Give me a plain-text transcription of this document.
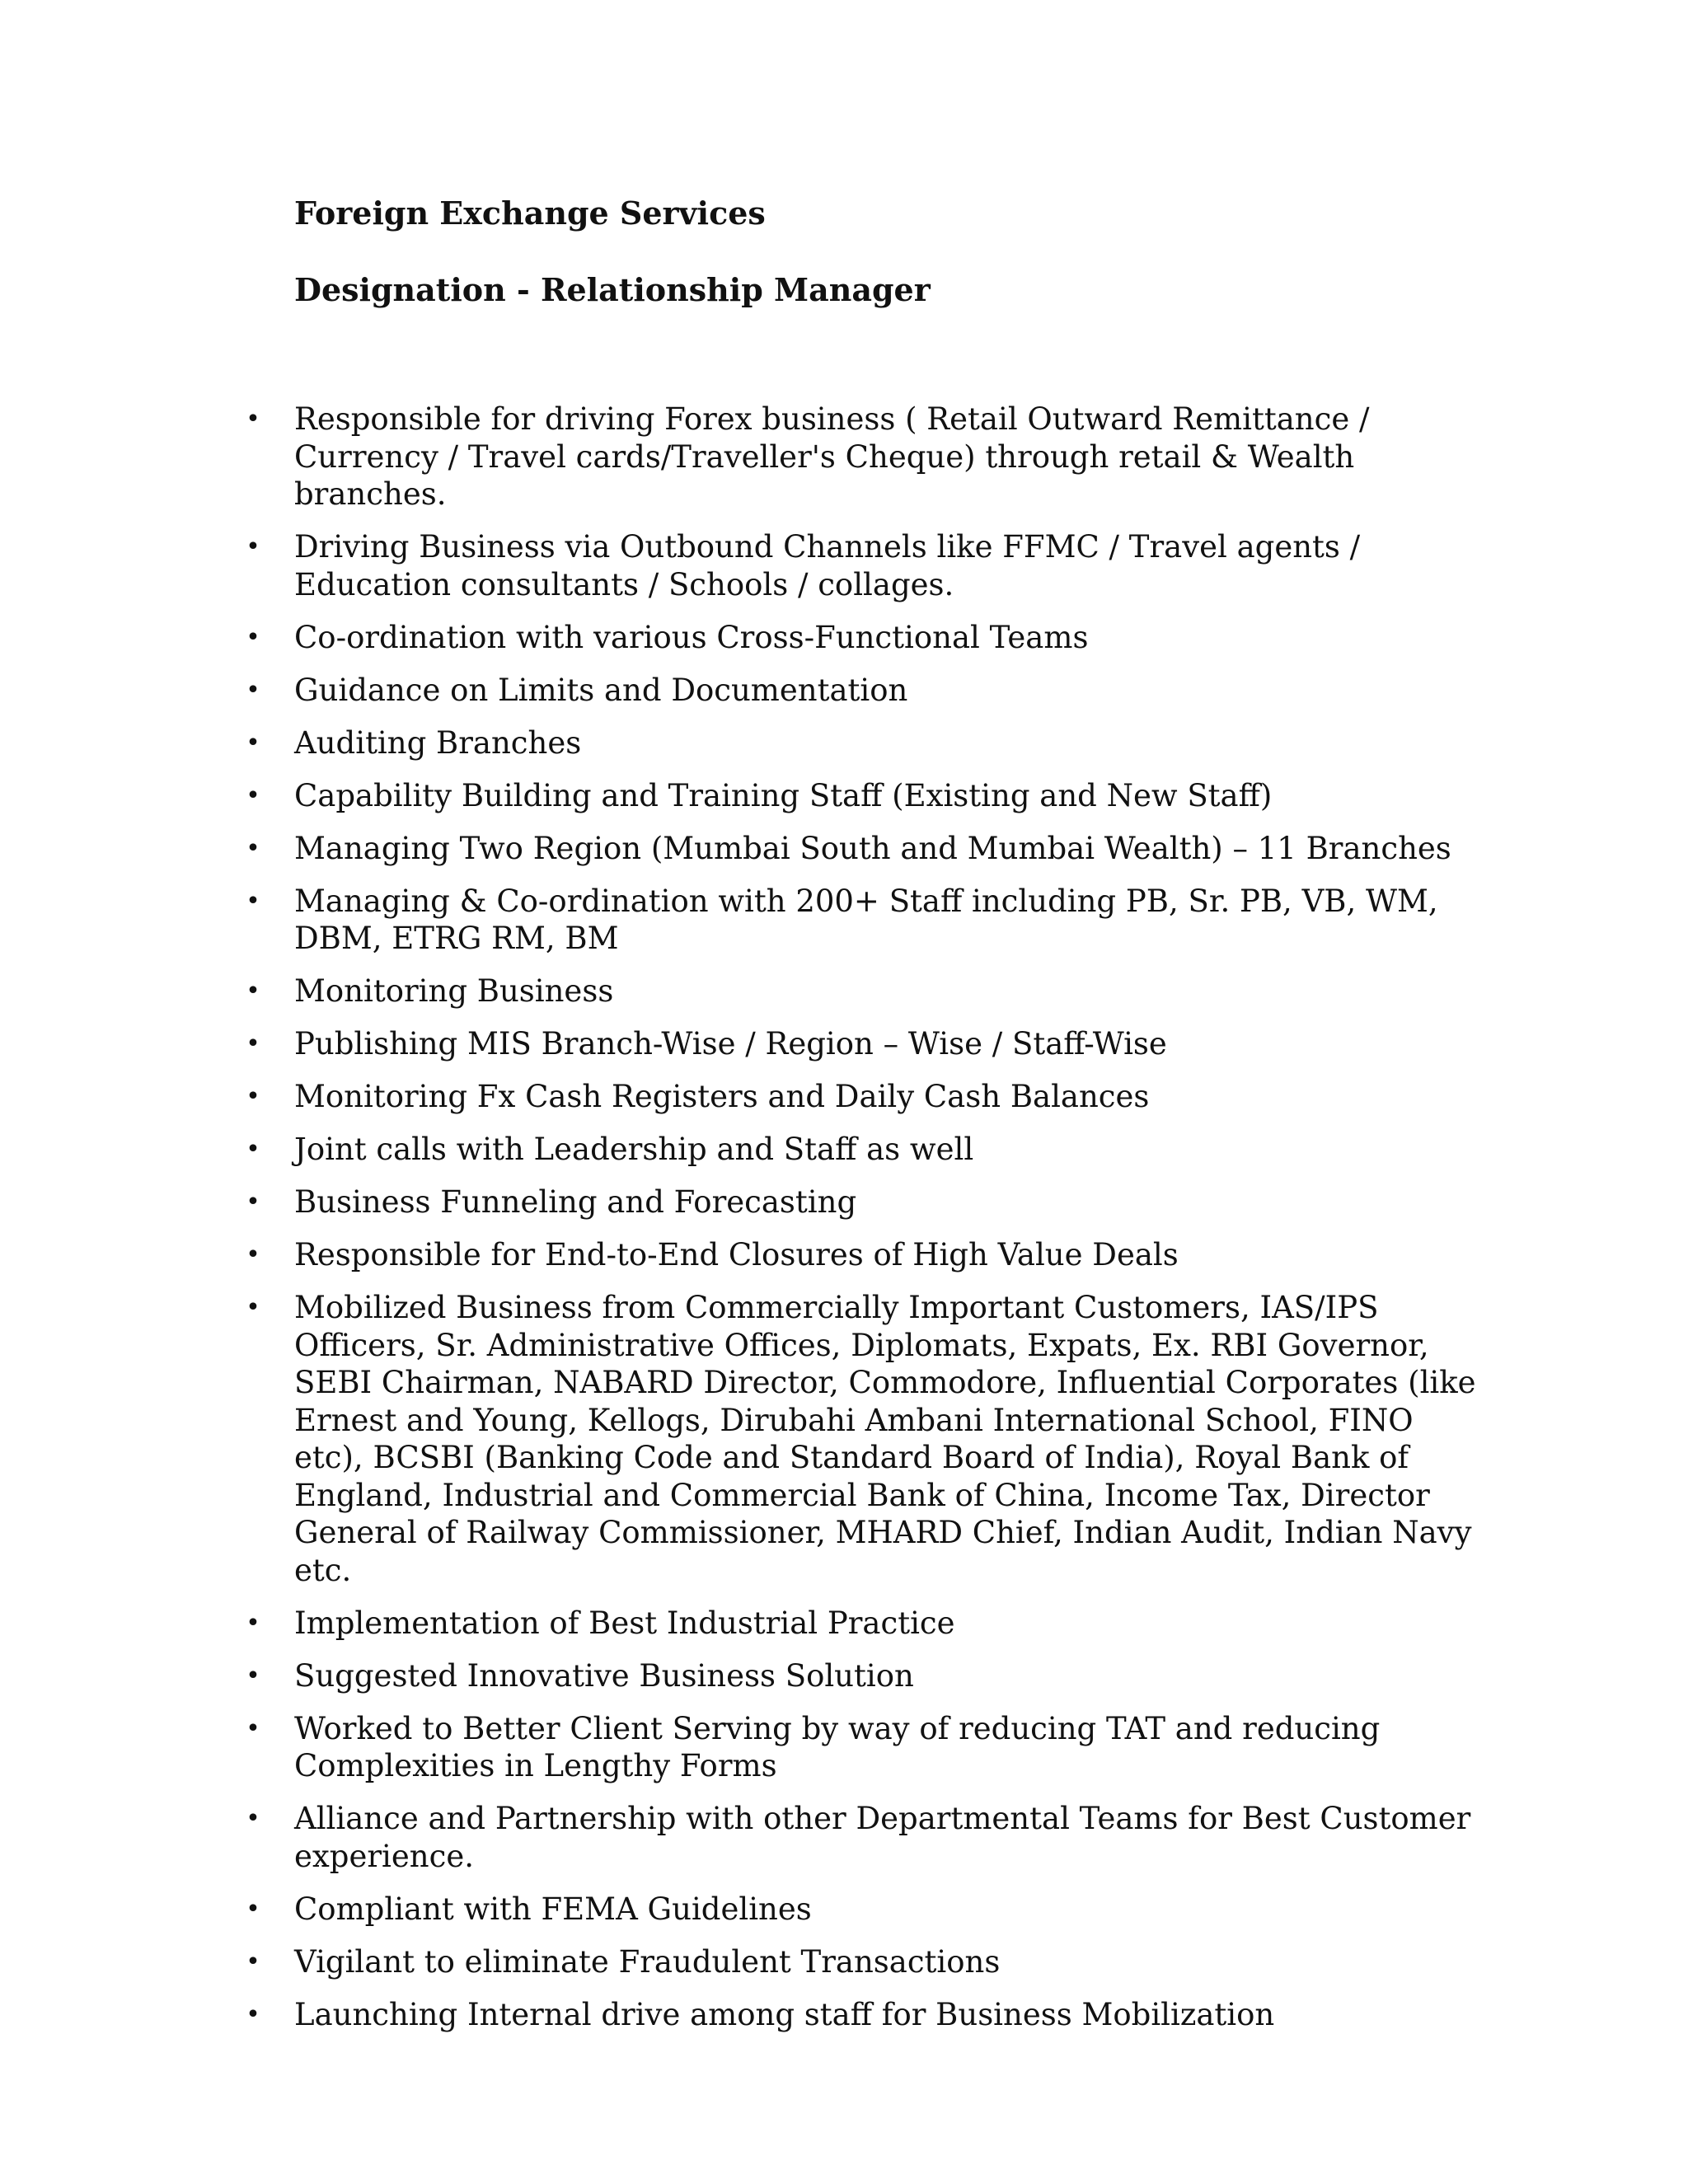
Foreign Exchange Services
Designation - Relationship Manager
• Responsible for driving Forex business ( Retail Outward Remittance / Currency / Travel cards/Traveller's Cheque) through retail & Wealth branches.
• Driving Business via Outbound Channels like FFMC / Travel agents / Education consultants / Schools / collages.
• Co-ordination with various Cross-Functional Teams
• Guidance on Limits and Documentation
• Auditing Branches
• Capability Building and Training Staff (Existing and New Staff)
• Managing Two Region (Mumbai South and Mumbai Wealth) – 11 Branches
• Managing & Co-ordination with 200+ Staff including PB, Sr. PB, VB, WM, DBM, ETRG RM, BM
• Monitoring Business
• Publishing MIS Branch-Wise / Region – Wise / Staff-Wise
• Monitoring Fx Cash Registers and Daily Cash Balances
• Joint calls with Leadership and Staff as well
• Business Funneling and Forecasting
• Responsible for End-to-End Closures of High Value Deals
• Mobilized Business from Commercially Important Customers, IAS/IPS Officers, Sr. Administrative Offices, Diplomats, Expats, Ex. RBI Governor, SEBI Chairman, NABARD Director, Commodore, Influential Corporates (like Ernest and Young, Kellogs, Dirubahi Ambani International School, FINO etc), BCSBI (Banking Code and Standard Board of India), Royal Bank of England, Industrial and Commercial Bank of China, Income Tax, Director General of Railway Commissioner, MHARD Chief, Indian Audit, Indian Navy etc.
• Implementation of Best Industrial Practice
• Suggested Innovative Business Solution
• Worked to Better Client Serving by way of reducing TAT and reducing Complexities in Lengthy Forms
• Alliance and Partnership with other Departmental Teams for Best Customer experience.
• Compliant with FEMA Guidelines
• Vigilant to eliminate Fraudulent Transactions
• Launching Internal drive among staff for Business Mobilization
